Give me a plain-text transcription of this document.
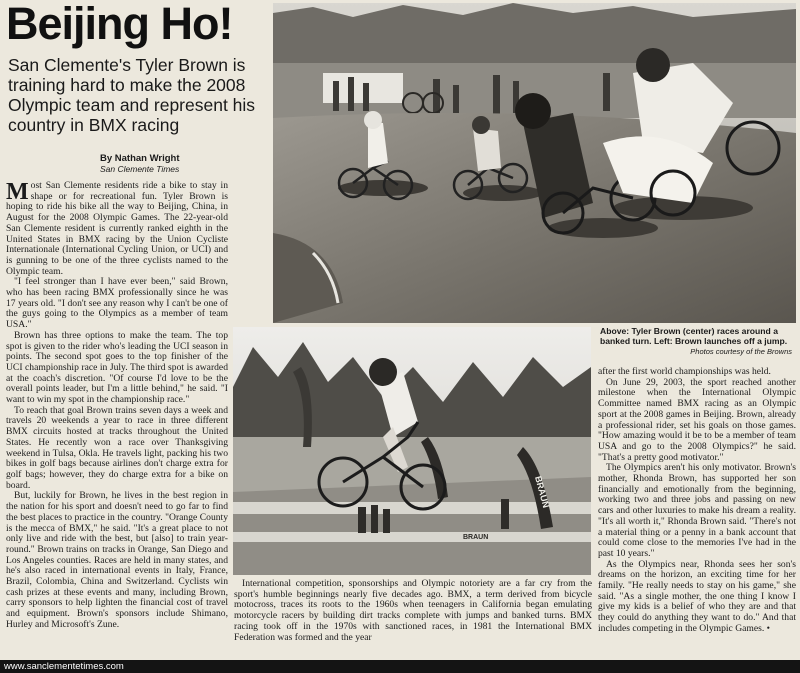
Beijing Ho!
San Clemente's Tyler Brown is training hard to make the 2008 Olympic team and represent his country in BMX racing
By Nathan Wright
San Clemente Times
BRAUN
BRAUN
Above: Tyler Brown (center) races around a banked turn. Left: Brown launches off a jump.
Photos courtesy of the Browns

Most San Clemente residents ride a bike to stay in shape or for recreational fun. Tyler Brown is hoping to ride his bike all the way to Beijing, China, in August for the 2008 Olympic Games. The 22-year-old San Clemente resident is currently ranked eighth in the United States in BMX racing by the Union Cycliste Internationale (International Cycling Union, or UCI) and is gunning to be one of the three cyclists named to the Olympic team.

"I feel stronger than I have ever been," said Brown, who has been racing BMX professionally since he was 17 years old. "I don't see any reason why I can't be one of the guys going to the Olympics as a member of team USA."

Brown has three options to make the team. The top spot is given to the rider who's leading the UCI season in points. The second spot goes to the top finisher of the UCI championship race in July. The third spot is awarded at the coach's discretion. "Of course I'd love to be the overall points leader, but I'm a little behind," he said. "I want to win my spot in the championship race."

To reach that goal Brown trains seven days a week and travels 20 weekends a year to race in three different BMX circuits hosted at tracks throughout the United States. He recently won a race over Thanksgiving weekend in Tulsa, Okla. He travels light, packing his two bikes in golf bags because airlines don't charge extra for golf bags; however, they do charge extra for a bike on board.

But, luckily for Brown, he lives in the best region in the nation for his sport and doesn't need to go far to find the best places to practice in the country. "Orange County is the mecca of BMX," he said. "It's a great place to not only live and ride with the best, but [also] to train year-round." Brown trains on tracks in Orange, San Diego and Los Angeles counties. Races are held in many states, and he's also raced in international events in Italy, France, Brazil, Colombia, China and Switzerland. Cyclists win cash prizes at these events and many, including Brown, carry sponsors to help lighten the financial cost of travel and equipment. Brown's sponsors include Shimano, Hurley and Microsoft's Zune.

International competition, sponsorships and Olympic notoriety are a far cry from the sport's humble beginnings nearly five decades ago. BMX, a term derived from bicycle motocross, traces its roots to the 1960s when teenagers in California began emulating motorcycle racers by building dirt tracks complete with jumps and banked turns. BMX racing took off in the 1970s with sanctioned races, in 1981 the International BMX Federation was formed and the year

after the first world championships was held.

On June 29, 2003, the sport reached another milestone when the International Olympic Committee named BMX racing as an Olympic sport at the 2008 games in Beijing. Brown, already a professional rider, set his goals on those games. "How amazing would it be to be a member of team USA and go to the 2008 Olympics?" he said. "That's a pretty good motivator."

The Olympics aren't his only motivator. Brown's mother, Rhonda Brown, has supported her son financially and emotionally from the beginning, working two and three jobs and passing on new cars and other luxuries to make his dream a reality. "It's all worth it," Rhonda Brown said. "There's not a material thing or a penny in a bank account that could come close to the memories I've had in the past 10 years."

As the Olympics near, Rhonda sees her son's dreams on the horizon, an exciting time for her family. "He really needs to stay on his game," she said. "As a single mother, the one thing I know I give my kids is a belief of who they are and that they could do anything they want to do." And that includes competing in the Olympic Games. •

www.sanclementetimes.com
